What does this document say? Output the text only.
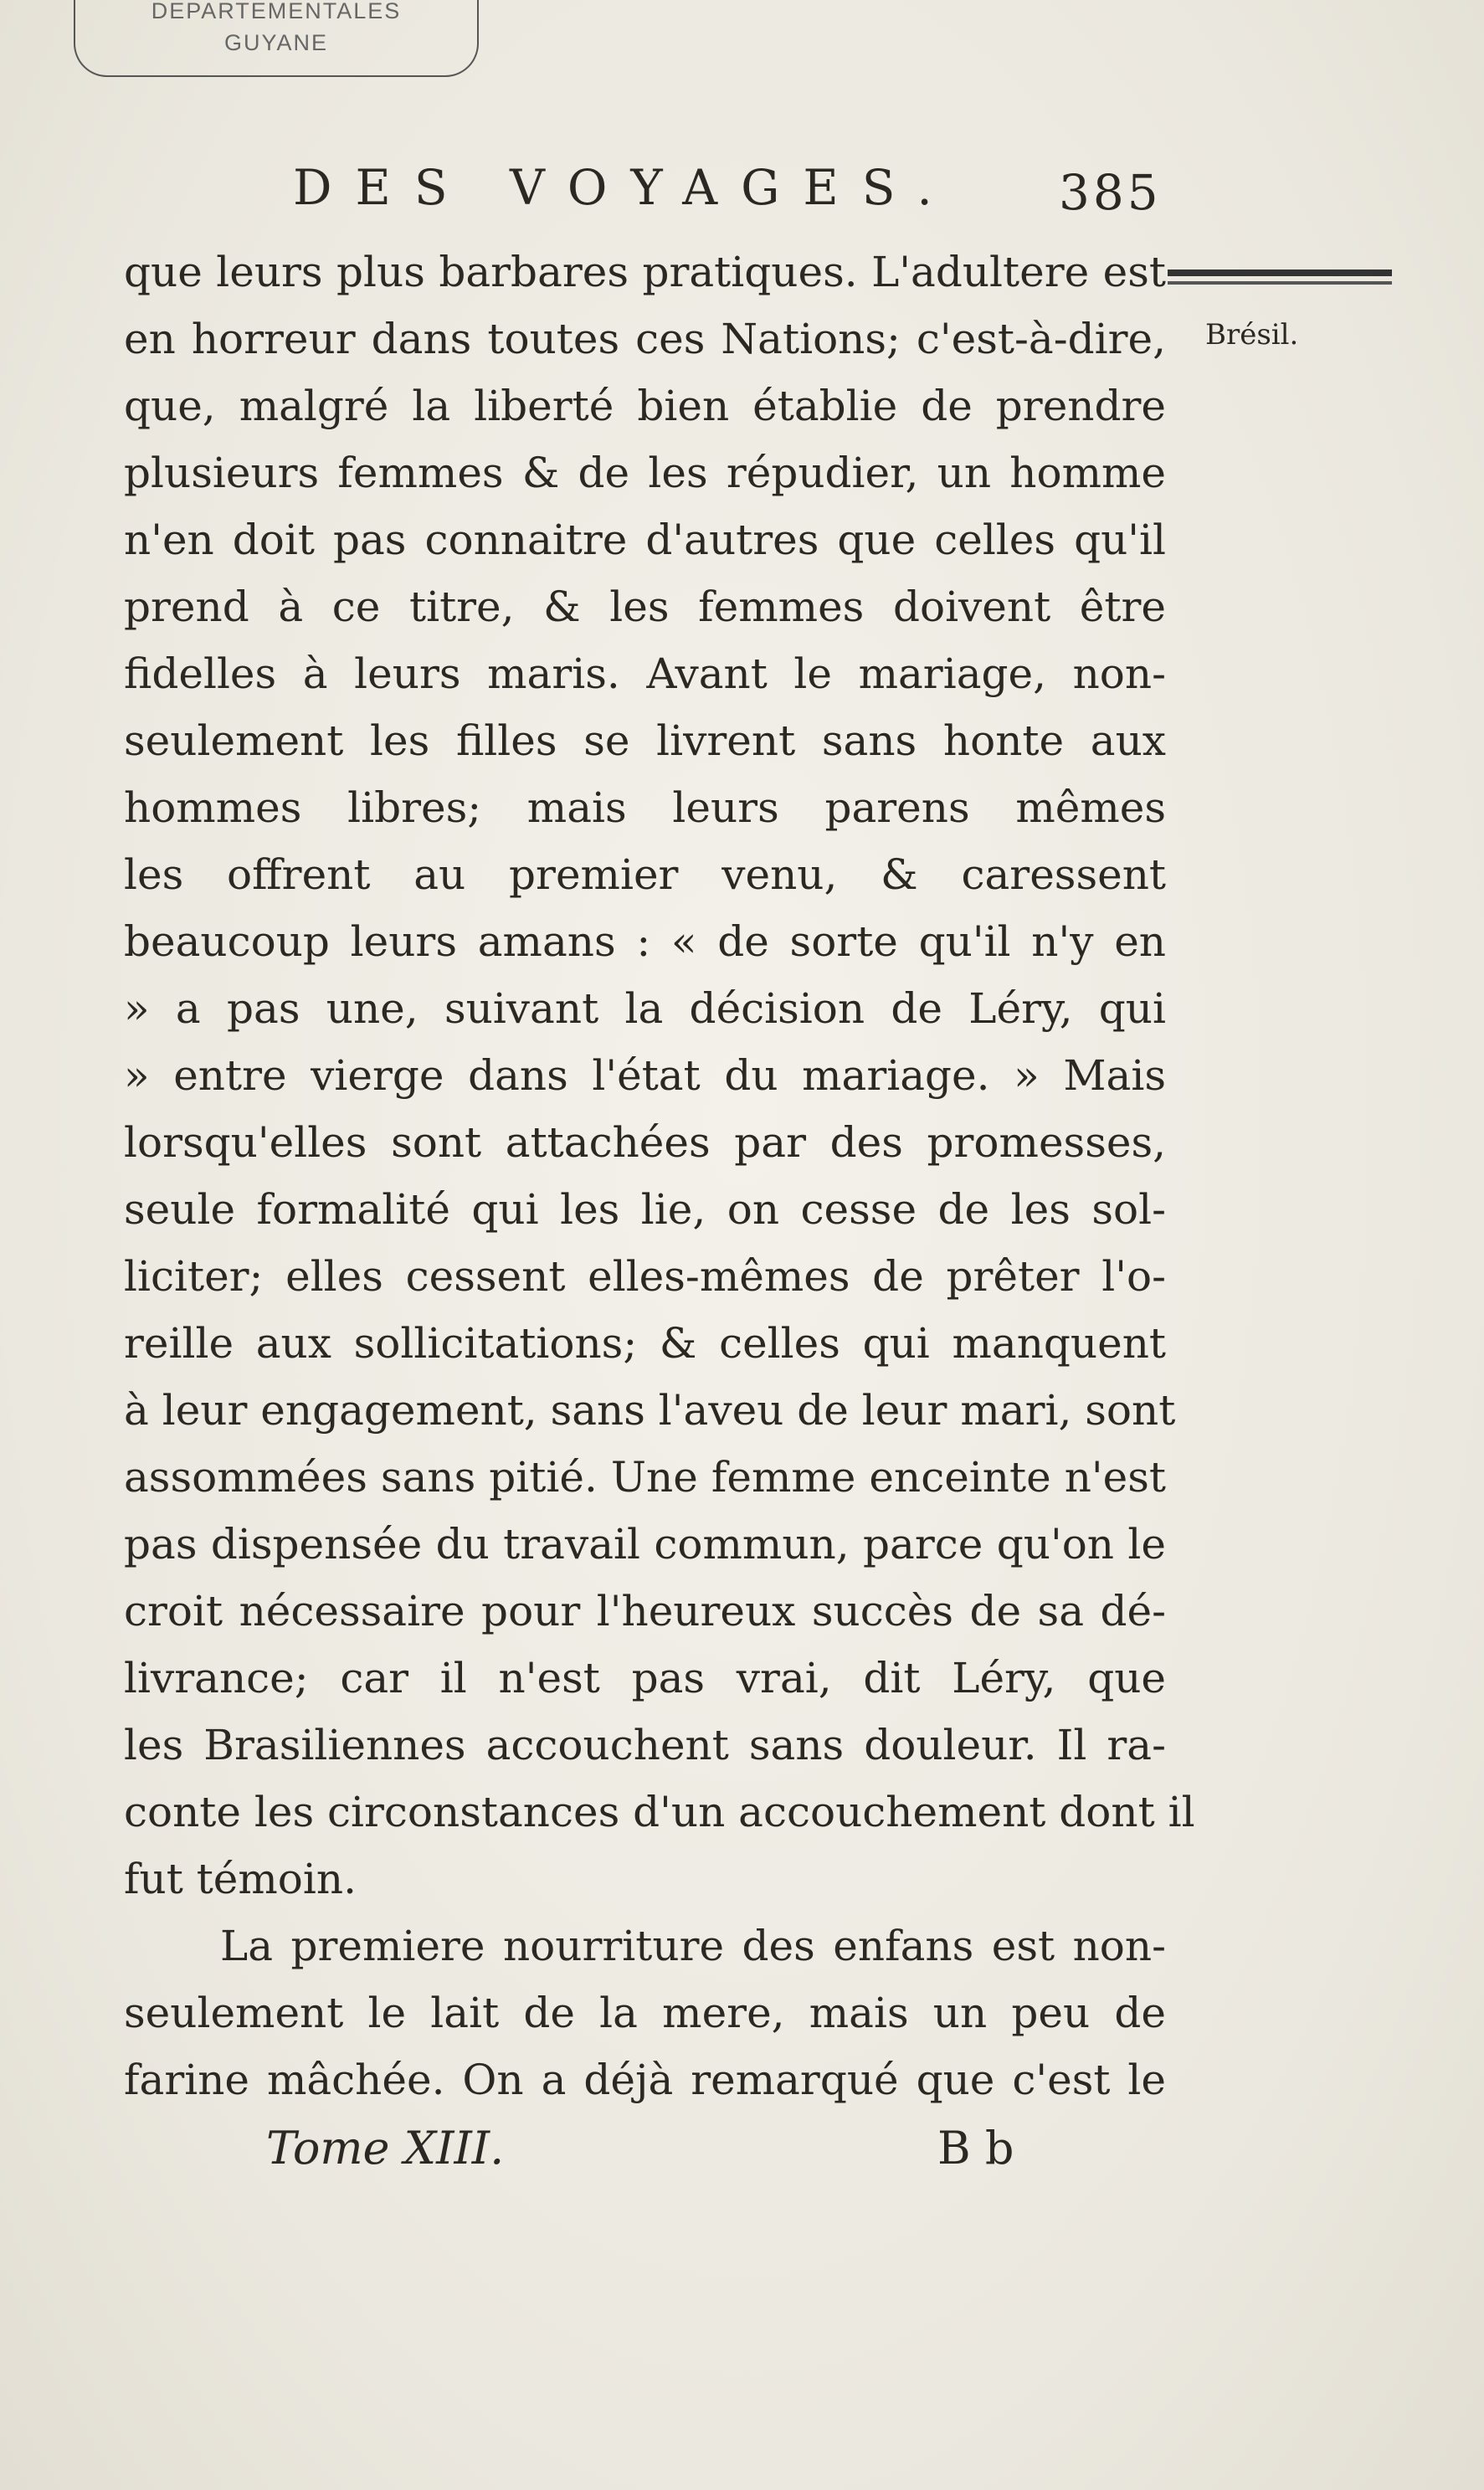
DEPARTEMENTALES
GUYANE
DES VOYAGES. 385
Brésil.
que leurs plus barbares pratiques. L'adultere est
en horreur dans toutes ces Nations; c'est-à-dire,
que, malgré la liberté bien établie de prendre
plusieurs femmes & de les répudier, un homme
n'en doit pas connaitre d'autres que celles qu'il
prend à ce titre, & les femmes doivent être
fidelles à leurs maris. Avant le mariage, non-
seulement les filles se livrent sans honte aux
hommes libres; mais leurs parens mêmes
les offrent au premier venu, & caressent
beaucoup leurs amans : « de sorte qu'il n'y en
» a pas une, suivant la décision de Léry, qui
» entre vierge dans l'état du mariage. » Mais
lorsqu'elles sont attachées par des promesses,
seule formalité qui les lie, on cesse de les sol-
liciter; elles cessent elles-mêmes de prêter l'o-
reille aux sollicitations; & celles qui manquent
à leur engagement, sans l'aveu de leur mari, sont
assommées sans pitié. Une femme enceinte n'est
pas dispensée du travail commun, parce qu'on le
croit nécessaire pour l'heureux succès de sa dé-
livrance; car il n'est pas vrai, dit Léry, que
les Brasiliennes accouchent sans douleur. Il ra-
conte les circonstances d'un accouchement dont il
fut témoin.
La premiere nourriture des enfans est non-
seulement le lait de la mere, mais un peu de
farine mâchée. On a déjà remarqué que c'est le
Tome XIII.	B b
